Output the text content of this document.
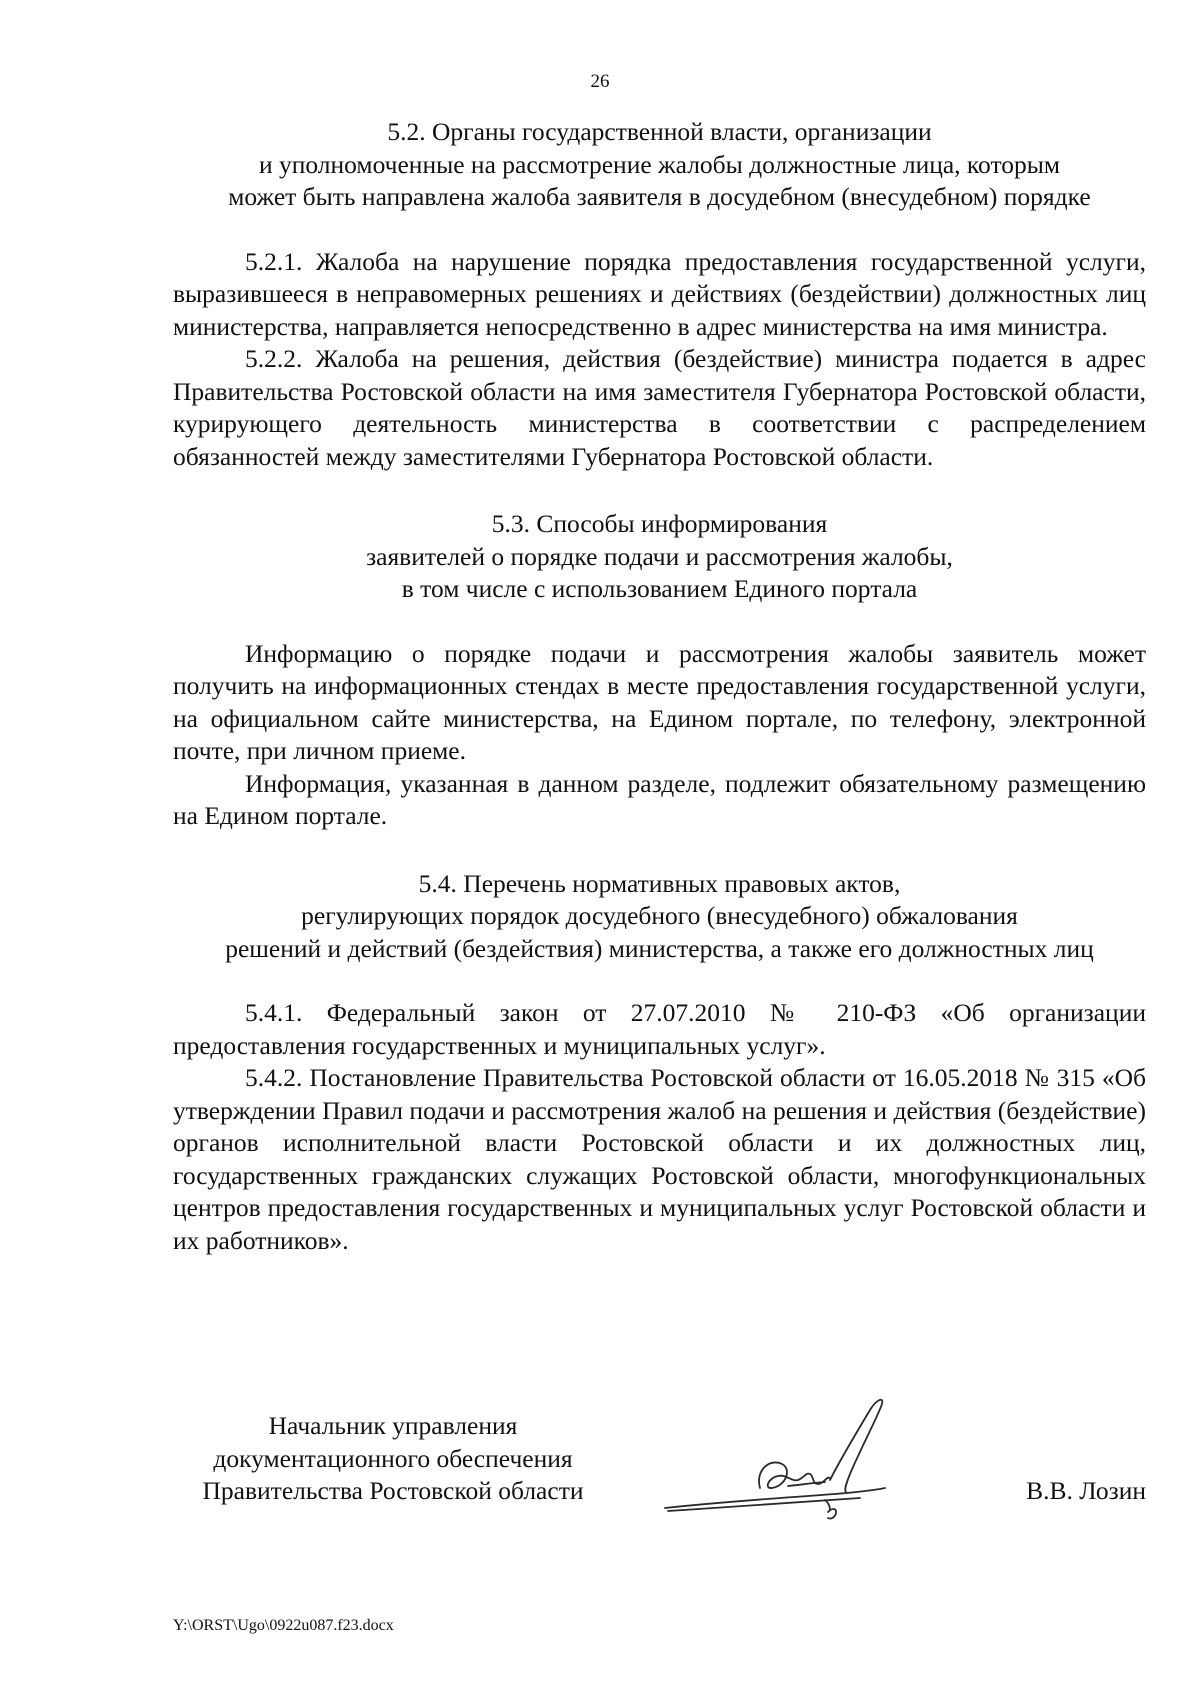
26
5.2. Органы государственной власти, организации
и уполномоченные на рассмотрение жалобы должностные лица, которым
может быть направлена жалоба заявителя в досудебном (внесудебном) порядке

5.2.1. Жалоба на нарушение порядка предоставления государственной услуги, выразившееся в неправомерных решениях и действиях (бездействии) должностных лиц министерства, направляется непосредственно в адрес министерства на имя министра.

5.2.2. Жалоба на решения, действия (бездействие) министра подается в адрес Правительства Ростовской области на имя заместителя Губернатора Ростовской области, курирующего деятельность министерства в соответствии с распределением обязанностей между заместителями Губернатора Ростовской области.

5.3. Способы информирования
заявителей о порядке подачи и рассмотрения жалобы,
в том числе с использованием Единого портала

Информацию о порядке подачи и рассмотрения жалобы заявитель может получить на информационных стендах в месте предоставления государственной услуги, на официальном сайте министерства, на Едином портале, по телефону, электронной почте, при личном приеме.

Информация, указанная в данном разделе, подлежит обязательному размещению на Едином портале.

5.4. Перечень нормативных правовых актов,
регулирующих порядок досудебного (внесудебного) обжалования
решений и действий (бездействия) министерства, а также его должностных лиц

5.4.1. Федеральный закон от 27.07.2010 № 210-ФЗ «Об организации предоставления государственных и муниципальных услуг».

5.4.2. Постановление Правительства Ростовской области от 16.05.2018 № 315 «Об утверждении Правил подачи и рассмотрения жалоб на решения и действия (бездействие) органов исполнительной власти Ростовской области и их должностных лиц, государственных гражданских служащих Ростовской области, многофункциональных центров предоставления государственных и муниципальных услуг Ростовской области и их работников».

Начальник управления
документационного обеспечения
Правительства Ростовской области	В.В. Лозин
Y:\ORST\Ugo\0922u087.f23.docx
